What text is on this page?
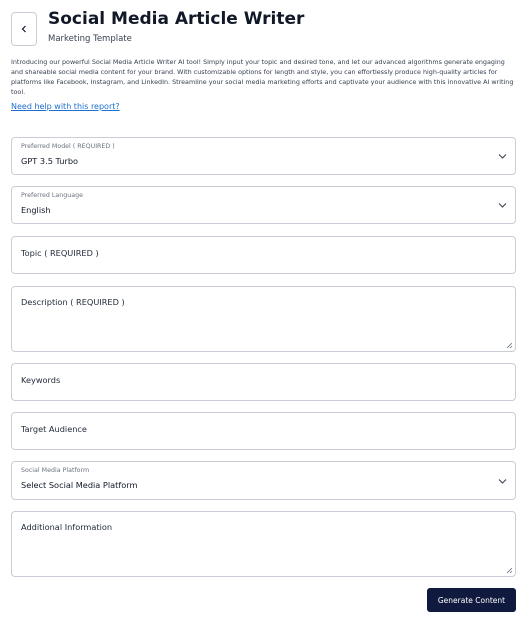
Social Media Article Writer
Marketing Template

Introducing our powerful Social Media Article Writer AI tool! Simply input your topic and desired tone, and let our advanced algorithms generate engaging and shareable social media content for your brand. With customizable options for length and style, you can effortlessly produce high-quality articles for platforms like Facebook, Instagram, and LinkedIn. Streamline your social media marketing efforts and captivate your audience with this innovative AI writing tool.

Need help with this report?
Preferred Model ( REQUIRED )
GPT 3.5 Turbo
Preferred Language
English
Topic ( REQUIRED )
Description ( REQUIRED )
Keywords
Target Audience
Social Media Platform
Select Social Media Platform
Additional Information
Generate Content
